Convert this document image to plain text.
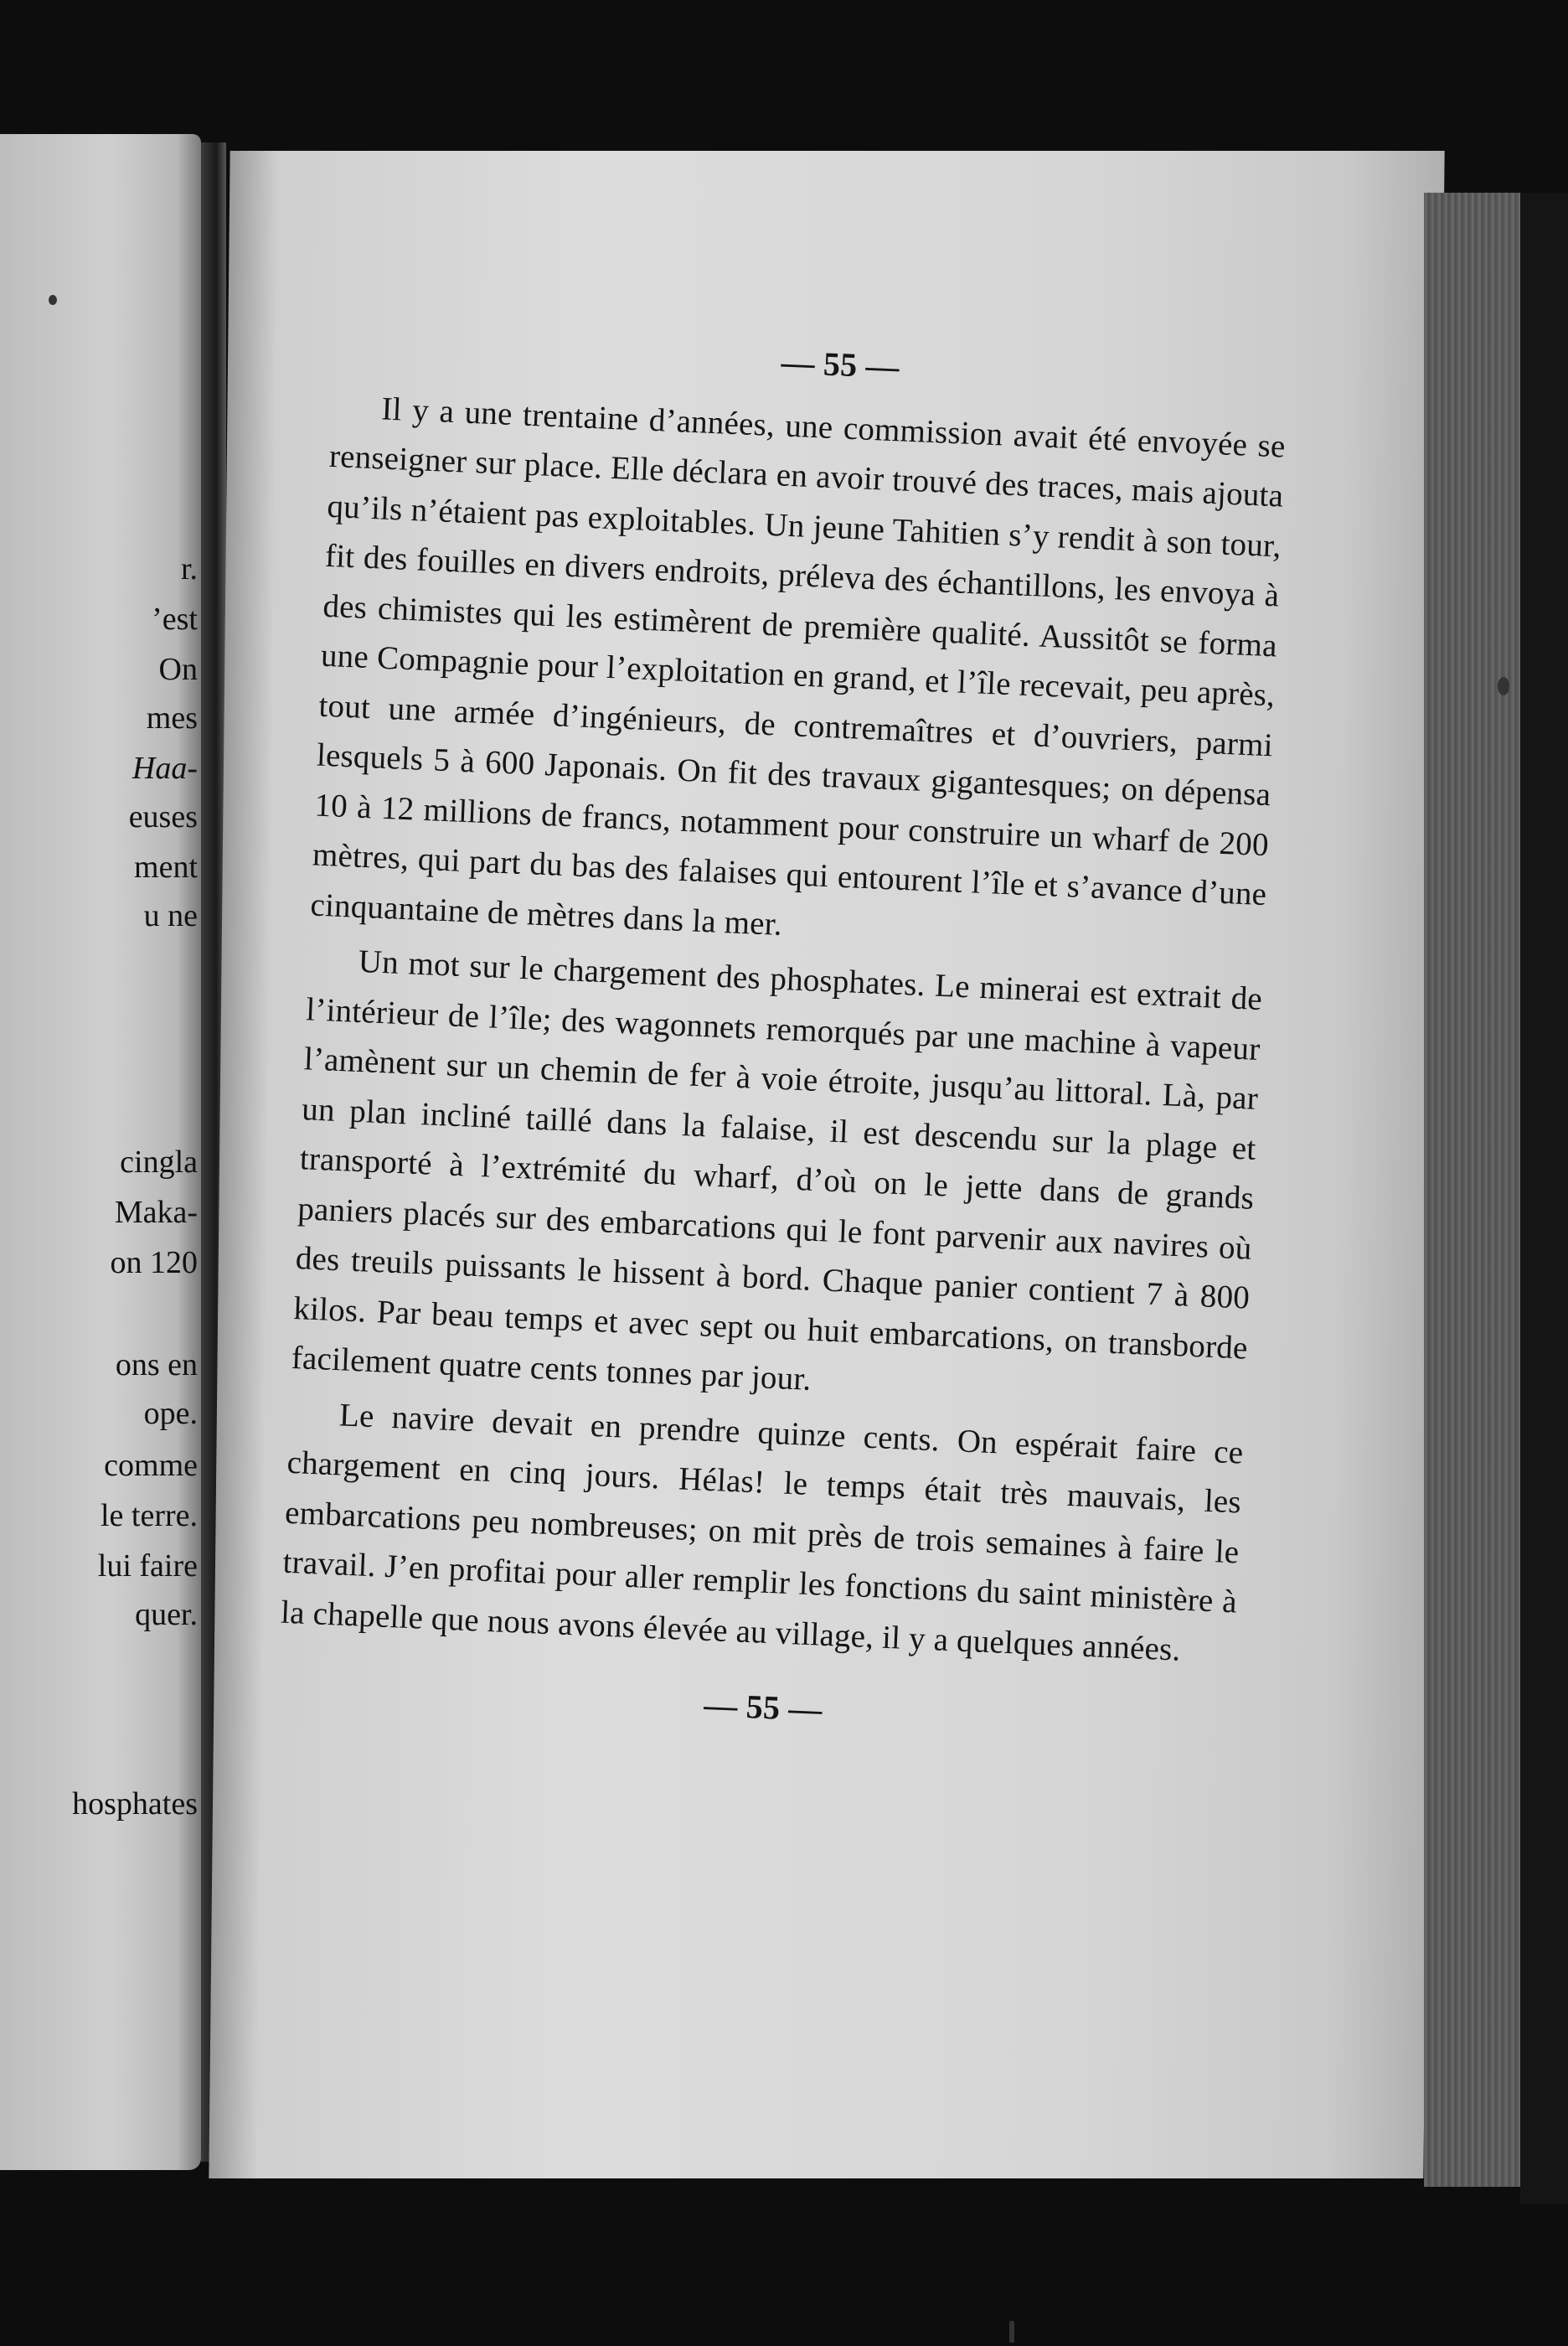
r.
’est
On
mes
Haa-
euses
ment
u ne
cingla
Maka-
on 120
ons en
ope.
comme
le terre.
lui faire
quer.
hosphates
— 55 —

Il y a une trentaine d’années, une commission avait été envoyée se renseigner sur place. Elle déclara en avoir trouvé des traces, mais ajouta qu’ils n’étaient pas exploitables. Un jeune Tahitien s’y rendit à son tour, fit des fouilles en divers endroits, préleva des échantillons, les envoya à des chimistes qui les estimèrent de première qualité. Aussitôt se forma une Compagnie pour l’exploitation en grand, et l’île recevait, peu après, tout une armée d’ingénieurs, de contremaîtres et d’ouvriers, parmi lesquels 5 à 600 Japonais. On fit des travaux gigantesques; on dépensa 10 à 12 millions de francs, notamment pour construire un wharf de 200 mètres, qui part du bas des falaises qui entourent l’île et s’avance d’une cinquantaine de mètres dans la mer.

Un mot sur le chargement des phosphates. Le minerai est extrait de l’intérieur de l’île; des wagonnets remorqués par une machine à vapeur l’amènent sur un chemin de fer à voie étroite, jusqu’au littoral. Là, par un plan incliné taillé dans la falaise, il est descendu sur la plage et transporté à l’extrémité du wharf, d’où on le jette dans de grands paniers placés sur des embarcations qui le font parvenir aux navires où des treuils puissants le hissent à bord. Chaque panier contient 7 à 800 kilos. Par beau temps et avec sept ou huit embarcations, on transborde facilement quatre cents tonnes par jour.

Le navire devait en prendre quinze cents. On espérait faire ce chargement en cinq jours. Hélas! le temps était très mauvais, les embarcations peu nombreuses; on mit près de trois semaines à faire le travail. J’en profitai pour aller remplir les fonctions du saint ministère à la chapelle que nous avons élevée au village, il y a quelques années.

— 55 —
